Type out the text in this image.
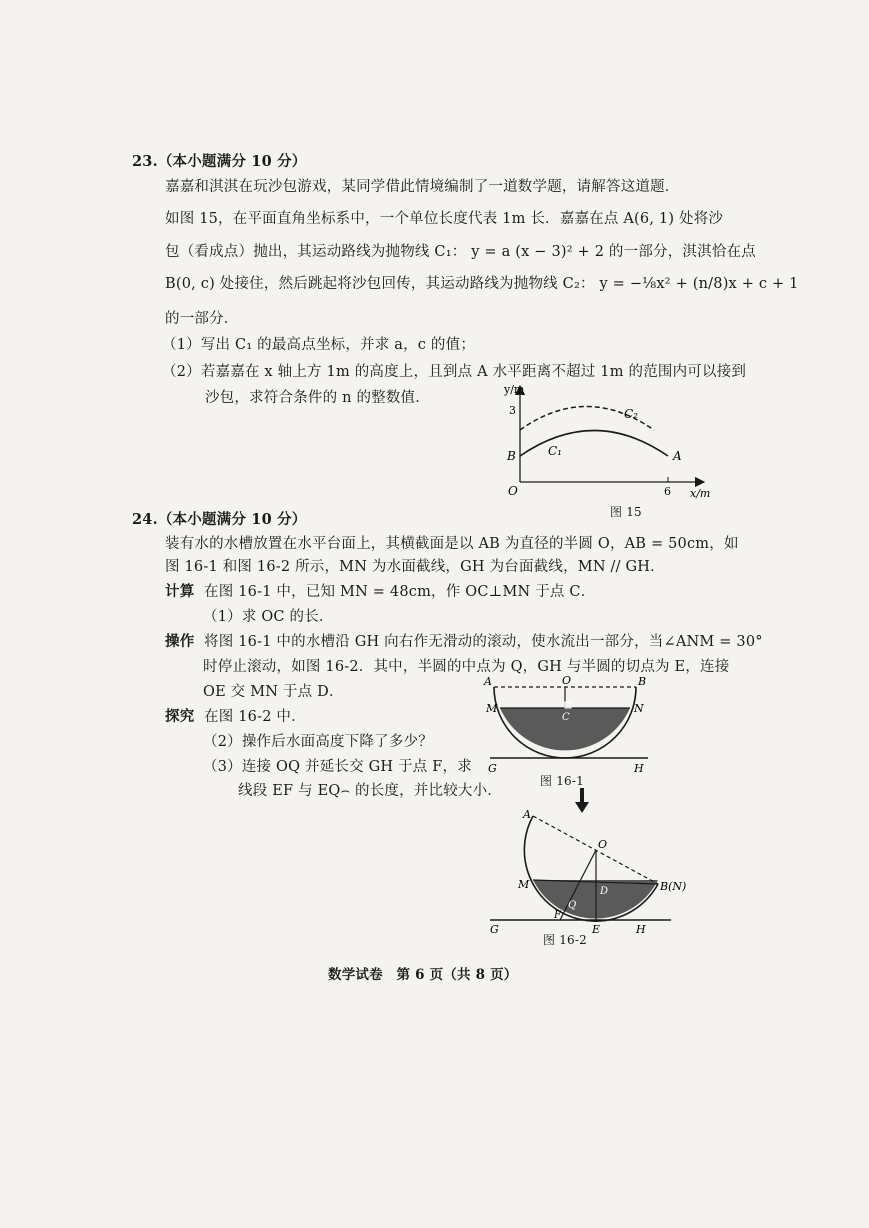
23.（本小题满分 10 分）
嘉嘉和淇淇在玩沙包游戏，某同学借此情境编制了一道数学题，请解答这道题．
如图 15，在平面直角坐标系中，一个单位长度代表 1m 长．嘉嘉在点 A(6, 1) 处将沙
包（看成点）抛出，其运动路线为抛物线 C₁： y = a (x − 3)² + 2 的一部分，淇淇恰在点
B(0, c) 处接住，然后跳起将沙包回传，其运动路线为抛物线 C₂： y = −⅛x² + (n/8)x + c + 1
的一部分．
（1）写出 C₁ 的最高点坐标，并求 a，c 的值；
（2）若嘉嘉在 x 轴上方 1m 的高度上，且到点 A 水平距离不超过 1m 的范围内可以接到
沙包，求符合条件的 n 的整数值．
y/m
x/m
O
3
6
B	A
C₁
C₂
图 15
24.（本小题满分 10 分）
装有水的水槽放置在水平台面上，其横截面是以 AB 为直径的半圆 O，AB = 50cm，如
图 16-1 和图 16-2 所示，MN 为水面截线，GH 为台面截线，MN // GH．
计算 在图 16-1 中，已知 MN = 48cm，作 OC⊥MN 于点 C．
（1）求 OC 的长．
操作 将图 16-1 中的水槽沿 GH 向右作无滑动的滚动，使水流出一部分，当∠ANM = 30°
时停止滚动，如图 16-2．其中，半圆的中点为 Q，GH 与半圆的切点为 E，连接
OE 交 MN 于点 D．
探究 在图 16-2 中．
（2）操作后水面高度下降了多少？
（3）连接 OQ 并延长交 GH 于点 F，求
线段 EF 与 EQ⌢ 的长度，并比较大小．
A	O	B
M	N
C
G	H
图 16-1
A
O
B(N)
M
D
Q
F
E
G	H
图 16-2
数学试卷　第 6 页（共 8 页）
